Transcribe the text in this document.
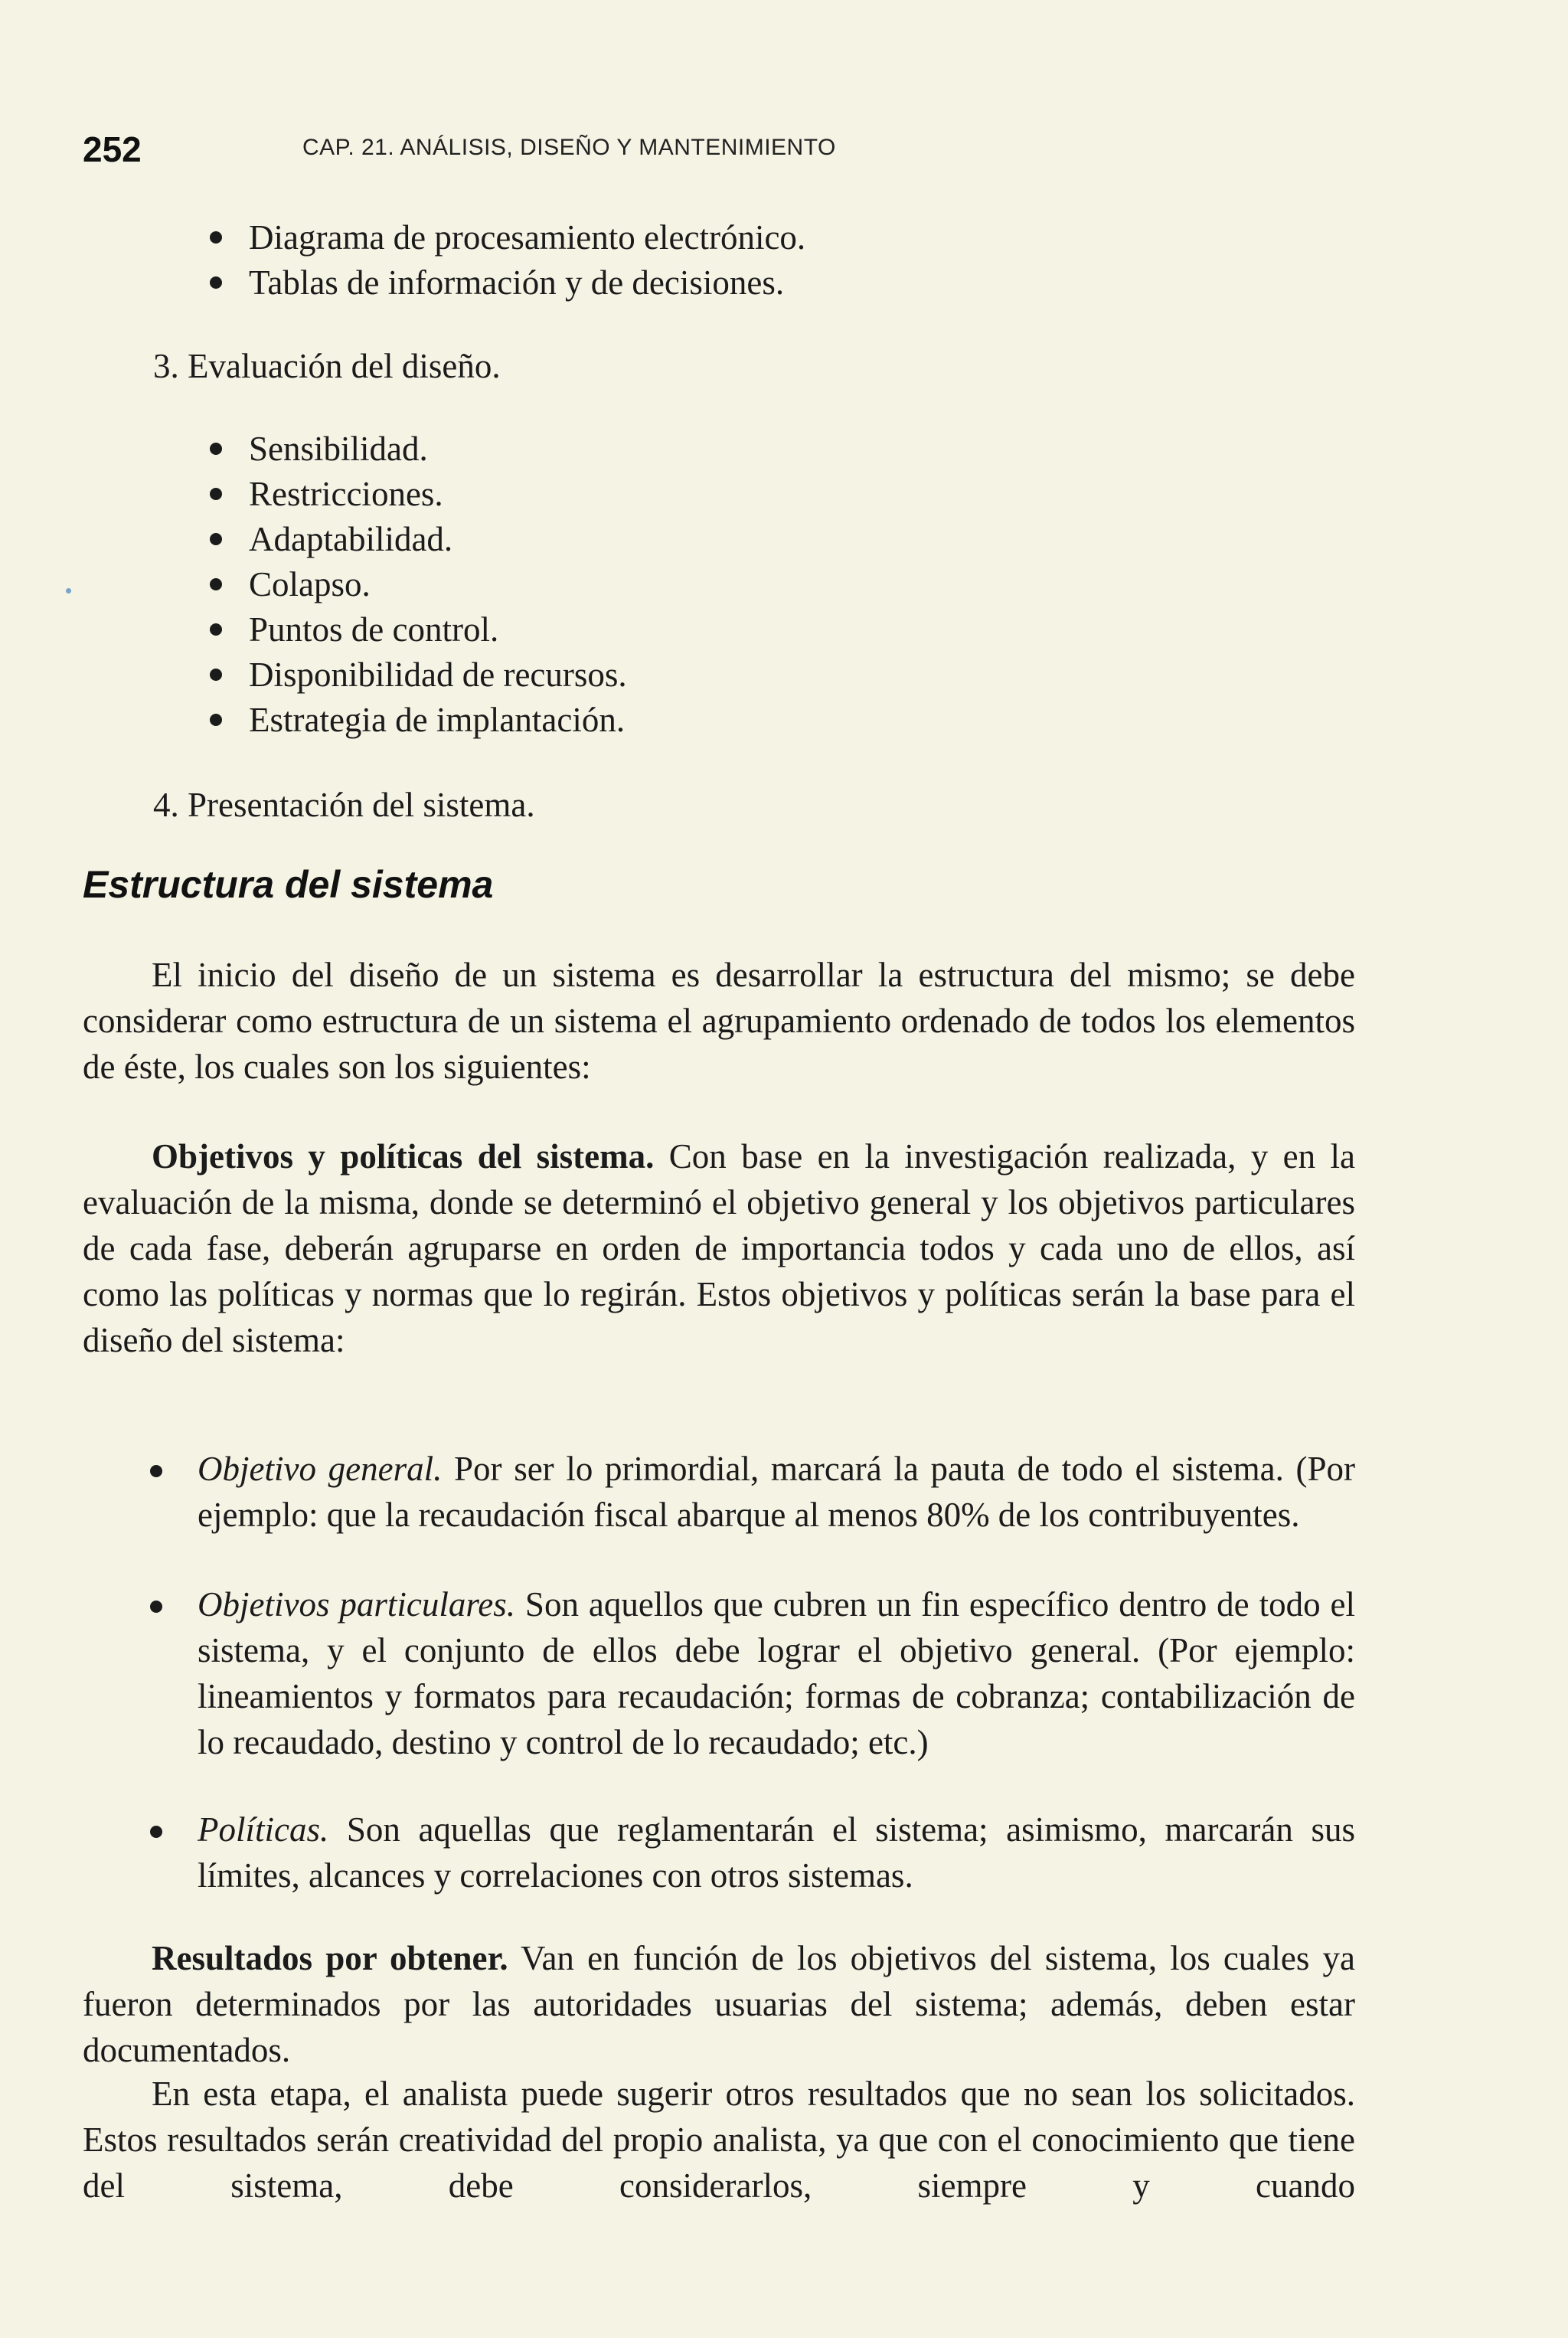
252	CAP. 21. ANÁLISIS, DISEÑO Y MANTENIMIENTO
Diagrama de procesamiento electrónico.
Tablas de información y de decisiones.
3. Evaluación del diseño.
Sensibilidad.
Restricciones.
Adaptabilidad.
Colapso.
Puntos de control.
Disponibilidad de recursos.
Estrategia de implantación.
4. Presentación del sistema.
Estructura del sistema
El inicio del diseño de un sistema es desarrollar la estructura del mismo; se debe considerar como estructura de un sistema el agrupamiento ordenado de todos los elementos de éste, los cuales son los siguientes:
Objetivos y políticas del sistema. Con base en la investigación realizada, y en la evaluación de la misma, donde se determinó el objetivo general y los objetivos particulares de cada fase, deberán agruparse en orden de importancia todos y cada uno de ellos, así como las políticas y normas que lo regirán. Estos objetivos y políticas serán la base para el diseño del sistema:
Objetivo general. Por ser lo primordial, marcará la pauta de todo el sistema. (Por ejemplo: que la recaudación fiscal abarque al menos 80% de los contribuyentes.
Objetivos particulares. Son aquellos que cubren un fin específico dentro de todo el sistema, y el conjunto de ellos debe lograr el objetivo general. (Por ejemplo: lineamientos y formatos para recaudación; formas de cobranza; contabilización de lo recaudado, destino y control de lo recaudado; etc.)
Políticas. Son aquellas que reglamentarán el sistema; asimismo, marcarán sus límites, alcances y correlaciones con otros sistemas.
Resultados por obtener. Van en función de los objetivos del sistema, los cuales ya fueron determinados por las autoridades usuarias del sistema; además, deben estar documentados.
En esta etapa, el analista puede sugerir otros resultados que no sean los solicitados. Estos resultados serán creatividad del propio analista, ya que con el conocimiento que tiene del sistema, debe considerarlos, siempre y cuando
